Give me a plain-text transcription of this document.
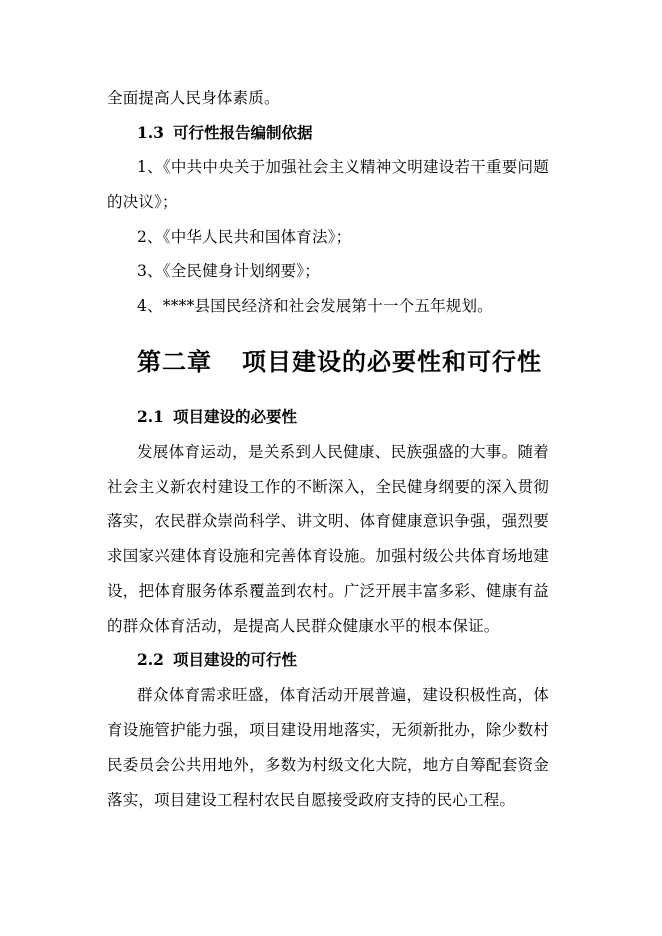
全面提高人民身体素质。
1.3 可行性报告编制依据
1、《中共中央关于加强社会主义精神文明建设若干重要问题
的决议》；
2、《中华人民共和国体育法》；
3、《全民健身计划纲要》；
4、****县国民经济和社会发展第十一个五年规划。
第二章 项目建设的必要性和可行性
2.1 项目建设的必要性
发展体育运动，是关系到人民健康、民族强盛的大事。随着
社会主义新农村建设工作的不断深入，全民健身纲要的深入贯彻
落实，农民群众崇尚科学、讲文明、体育健康意识争强，强烈要
求国家兴建体育设施和完善体育设施。加强村级公共体育场地建
设，把体育服务体系覆盖到农村。广泛开展丰富多彩、健康有益
的群众体育活动，是提高人民群众健康水平的根本保证。
2.2 项目建设的可行性
群众体育需求旺盛，体育活动开展普遍，建设积极性高，体
育设施管护能力强，项目建设用地落实，无须新批办，除少数村
民委员会公共用地外，多数为村级文化大院，地方自筹配套资金
落实，项目建设工程村农民自愿接受政府支持的民心工程。
